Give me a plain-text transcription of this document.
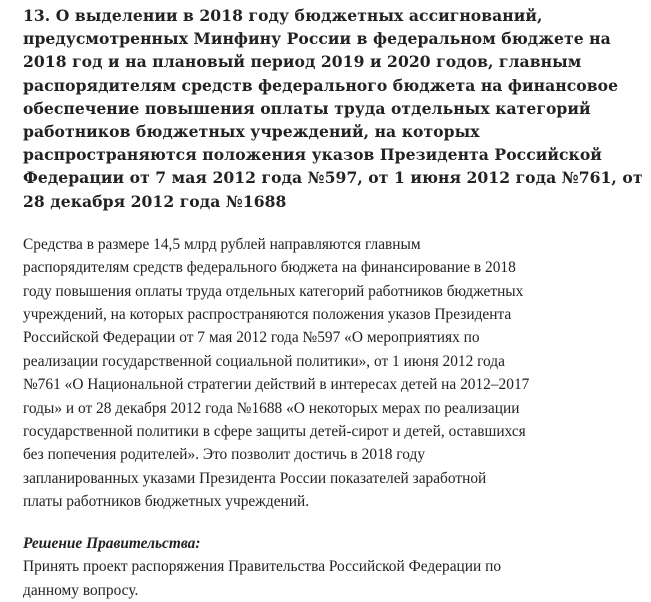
13. О выделении в 2018 году бюджетных ассигнований,
предусмотренных Минфину России в федеральном бюджете на
2018 год и на плановый период 2019 и 2020 годов, главным
распорядителям средств федерального бюджета на финансовое
обеспечение повышения оплаты труда отдельных категорий
работников бюджетных учреждений, на которых
распространяются положения указов Президента Российской
Федерации от 7 мая 2012 года №597, от 1 июня 2012 года №761, от
28 декабря 2012 года №1688

Средства в размере 14,5 млрд рублей направляются главным
распорядителям средств федерального бюджета на финансирование в 2018
году повышения оплаты труда отдельных категорий работников бюджетных
учреждений, на которых распространяются положения указов Президента
Российской Федерации от 7 мая 2012 года №597 «О мероприятиях по
реализации государственной социальной политики», от 1 июня 2012 года
№761 «О Национальной стратегии действий в интересах детей на 2012–2017
годы» и от 28 декабря 2012 года №1688 «О некоторых мерах по реализации
государственной политики в сфере защиты детей-сирот и детей, оставшихся
без попечения родителей». Это позволит достичь в 2018 году
запланированных указами Президента России показателей заработной
платы работников бюджетных учреждений.

Решение Правительства:

Принять проект распоряжения Правительства Российской Федерации по
данному вопросу.
